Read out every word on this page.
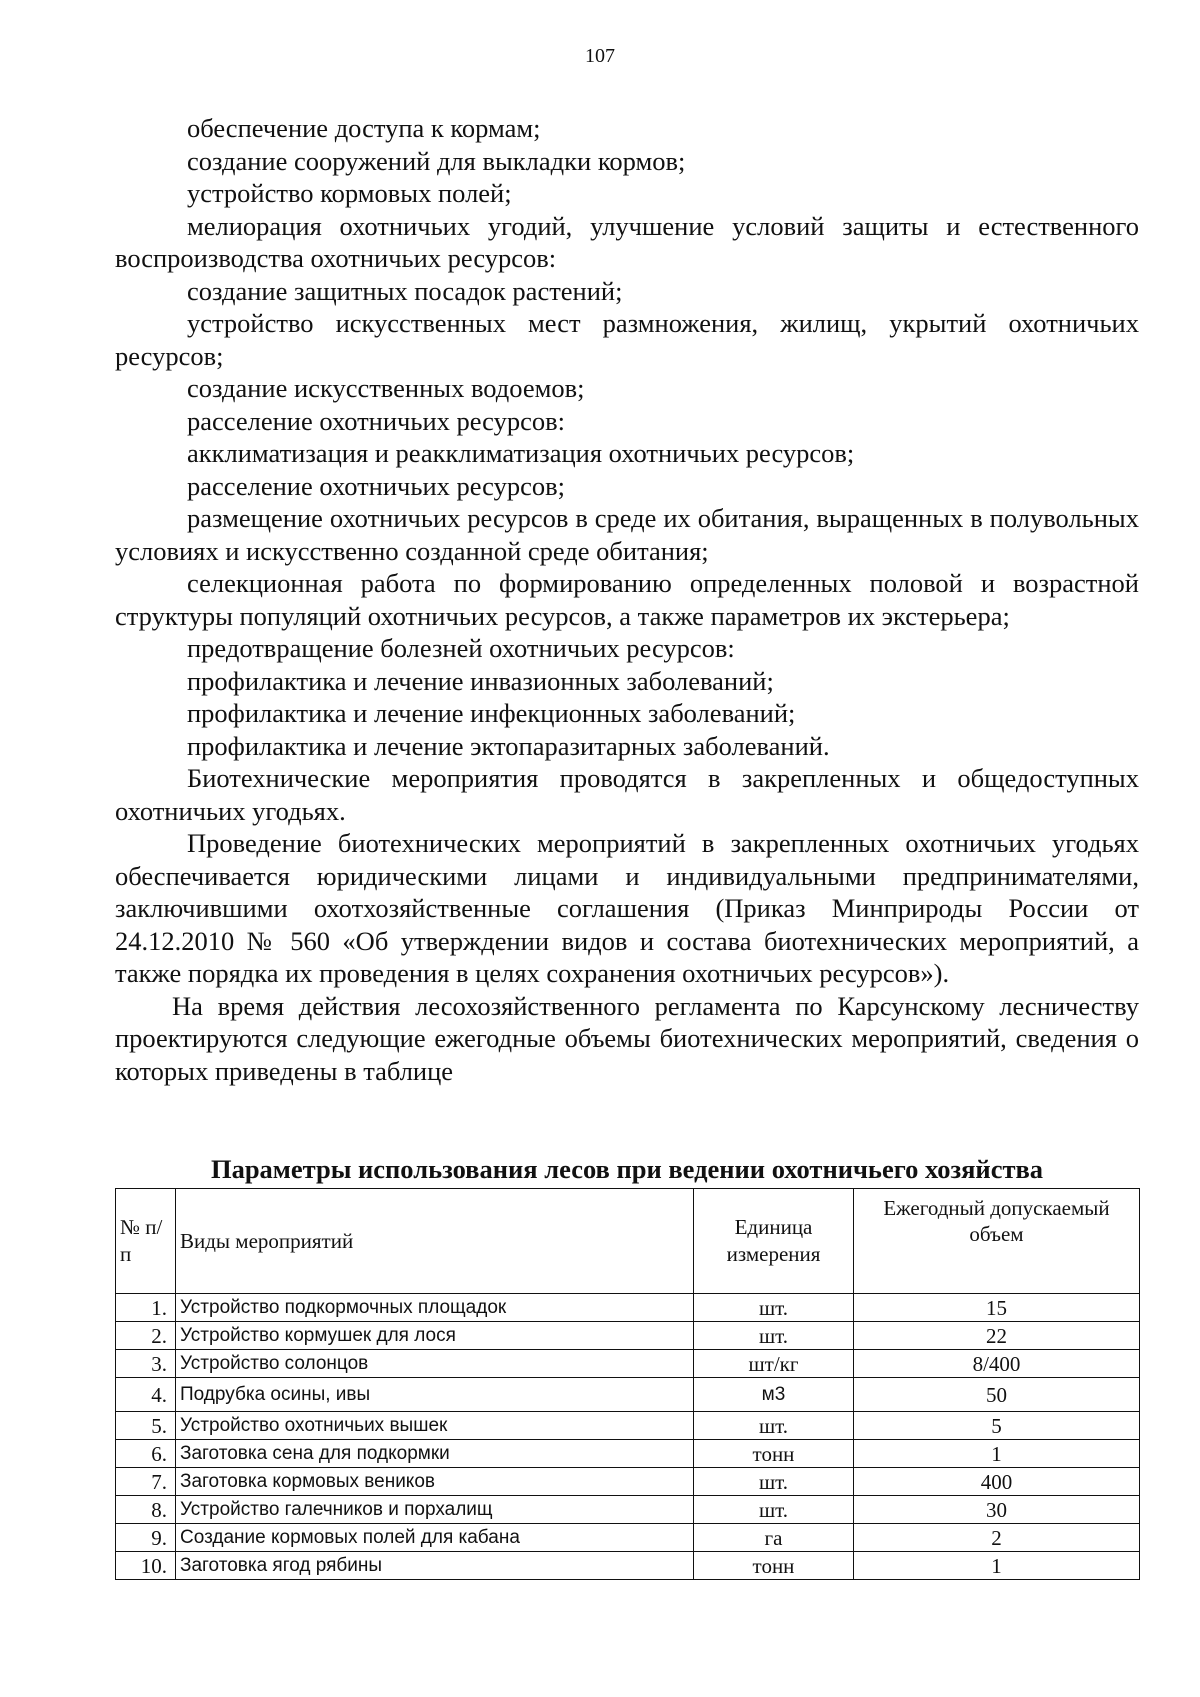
107

обеспечение доступа к кормам;

создание сооружений для выкладки кормов;

устройство кормовых полей;

мелиорация охотничьих угодий, улучшение условий защиты и естественного воспроизводства охотничьих ресурсов:

создание защитных посадок растений;

устройство искусственных мест размножения, жилищ, укрытий охотничьих ресурсов;

создание искусственных водоемов;

расселение охотничьих ресурсов:

акклиматизация и реакклиматизация охотничьих ресурсов;

расселение охотничьих ресурсов;

размещение охотничьих ресурсов в среде их обитания, выращенных в полувольных условиях и искусственно созданной среде обитания;

селекционная работа по формированию определенных половой и возрастной структуры популяций охотничьих ресурсов, а также параметров их экстерьера;

предотвращение болезней охотничьих ресурсов:

профилактика и лечение инвазионных заболеваний;

профилактика и лечение инфекционных заболеваний;

профилактика и лечение эктопаразитарных заболеваний.

Биотехнические мероприятия проводятся в закрепленных и общедоступных охотничьих угодьях.

Проведение биотехнических мероприятий в закрепленных охотничьих угодьях обеспечивается юридическими лицами и индивидуальными предпринимателями, заключившими охотхозяйственные соглашения (Приказ Минприроды России от 24.12.2010 № 560 «Об утверждении видов и состава биотехнических мероприятий, а также порядка их проведения в целях сохранения охотничьих ресурсов»).

На время действия лесохозяйственного регламента по Карсунскому лесничеству проектируются следующие ежегодные объемы биотехнических мероприятий, сведения о которых приведены в таблице

Параметры использования лесов при ведении охотничьего хозяйства
№ п/п	Виды мероприятий	Единица измерения	Ежегодный допускаемый объем
1.	Устройство подкормочных площадок	шт.	15
2.	Устройство кормушек для лося	шт.	22
3.	Устройство солонцов	шт/кг	8/400
4.	Подрубка осины, ивы	м3	50
5.	Устройство охотничьих вышек	шт.	5
6.	Заготовка сена для подкормки	тонн	1
7.	Заготовка кормовых веников	шт.	400
8.	Устройство галечников и порхалищ	шт.	30
9.	Создание кормовых полей для кабана	га	2
10.	Заготовка ягод рябины	тонн	1
